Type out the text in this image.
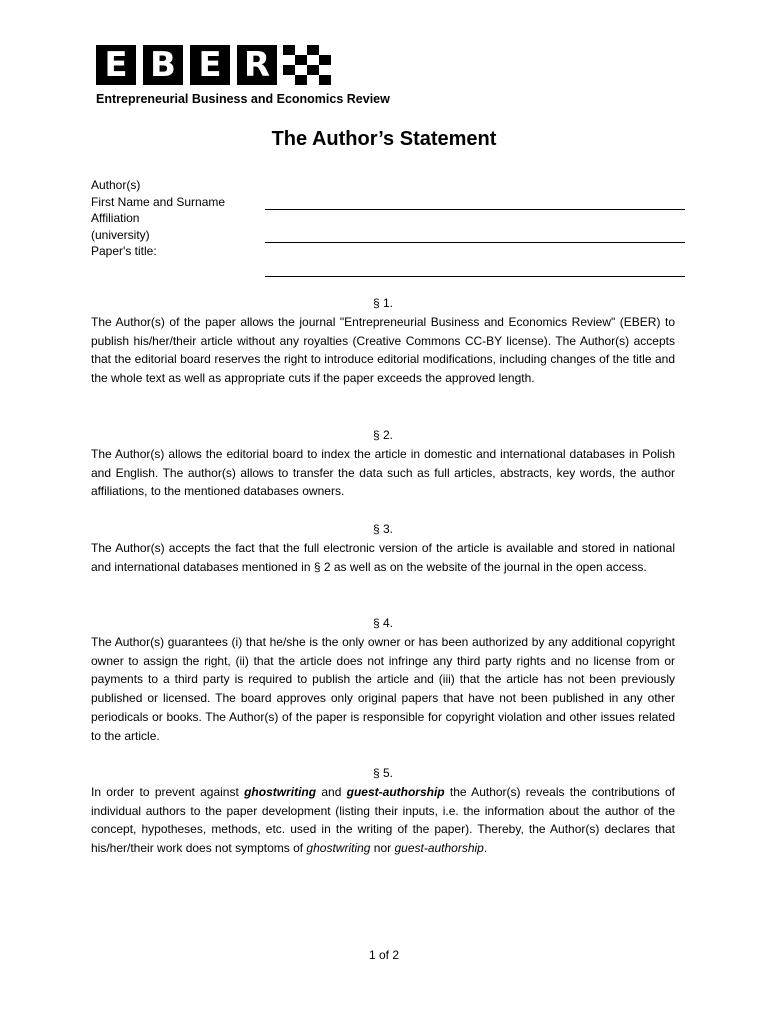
E B E R
Entrepreneurial Business and Economics Review
The Author’s Statement
Author(s)
First Name and Surname
Affiliation
(university)
Paper's title:
§ 1.
The Author(s) of the paper allows the journal "Entrepreneurial Business and Economics Review" (EBER) to publish his/her/their article without any royalties (Creative Commons CC-BY license). The Author(s) accepts that the editorial board reserves the right to introduce editorial modifications, including changes of the title and the whole text as well as appropriate cuts if the paper exceeds the approved length.
§ 2.
The Author(s) allows the editorial board to index the article in domestic and international databases in Polish and English. The author(s) allows to transfer the data such as full articles, abstracts, key words, the author affiliations, to the mentioned databases owners.
§ 3.
The Author(s) accepts the fact that the full electronic version of the article is available and stored in national and international databases mentioned in § 2 as well as on the website of the journal in the open access.
§ 4.
The Author(s) guarantees (i) that he/she is the only owner or has been authorized by any additional copyright owner to assign the right, (ii) that the article does not infringe any third party rights and no license from or payments to a third party is required to publish the article and (iii) that the article has not been previously published or licensed. The board approves only original papers that have not been published in any other periodicals or books. The Author(s) of the paper is responsible for copyright violation and other issues related to the article.
§ 5.
In order to prevent against ghostwriting and guest-authorship the Author(s) reveals the contributions of individual authors to the paper development (listing their inputs, i.e. the information about the author of the concept, hypotheses, methods, etc. used in the writing of the paper). Thereby, the Author(s) declares that his/her/their work does not symptoms of ghostwriting nor guest-authorship.
1 of 2
